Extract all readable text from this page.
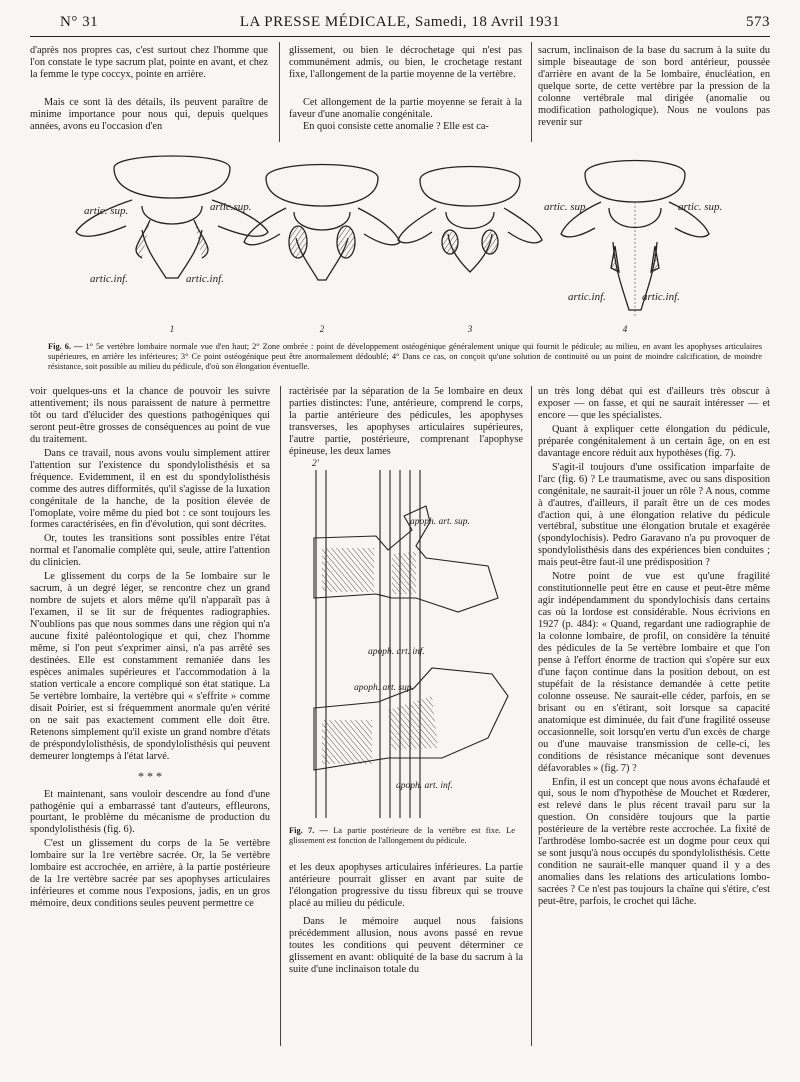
N° 31	LA PRESSE MÉDICALE, Samedi, 18 Avril 1931	573

d'après nos propres cas, c'est surtout chez l'homme que l'on constate le type sacrum plat, pointe en avant, et chez la femme le type coccyx, pointe en arrière.

Mais ce sont là des détails, ils peuvent paraître de minime importance pour nous qui, depuis quelques années, avons eu l'occasion d'en

glissement, ou bien le décrochetage qui n'est pas communément admis, ou bien, le crochetage restant fixe, l'allongement de la partie moyenne de la vertèbre.

Cet allongement de la partie moyenne se ferait à la faveur d'une anomalie congénitale.

En quoi consiste cette anomalie ? Elle est ca-

sacrum, inclinaison de la base du sacrum à la suite du simple biseautage de son bord antérieur, poussée d'arrière en avant de la 5e lombaire, énucléation, en quelque sorte, de cette vertèbre par la pression de la colonne vertébrale mal dirigée (anomalie ou modification pathologique). Nous ne voulons pas revenir sur

artic. sup.	artic.sup.
artic.inf.	artic.inf.
artic. sup.	artic. sup.
artic.inf.	artic.inf.
1	2	3	4

Fig. 6. — 1° 5e vertèbre lombaire normale vue d'en haut; 2° Zone ombrée : point de développement ostéogénique généralement unique qui fournit le pédicule; au milieu, en avant les apophyses articulaires supérieures, en arrière les inférieures; 3° Ce point ostéogénique peut être anormalement dédoublé; 4° Dans ce cas, on conçoit qu'une solution de continuité ou un point de moindre calcification, de moindre résistance, soit possible au milieu du pédicule, d'où son élongation éventuelle.

voir quelques-uns et la chance de pouvoir les suivre attentivement; ils nous paraissent de nature à permettre tôt ou tard d'élucider des questions pathogéniques qui seront peut-être grosses de conséquences au point de vue du traitement.

Dans ce travail, nous avons voulu simplement attirer l'attention sur l'existence du spondylolisthésis et sa fréquence. Evidemment, il en est du spondylolisthésis comme des autres difformités, qu'il s'agisse de la luxation congénitale de la hanche, de la position élevée de l'omoplate, voire même du pied bot : ce sont toujours les formes caractérisées, en fin d'évolution, qui sont décrites.

Or, toutes les transitions sont possibles entre l'état normal et l'anomalie complète qui, seule, attire l'attention du clinicien.

Le glissement du corps de la 5e lombaire sur le sacrum, à un degré léger, se rencontre chez un grand nombre de sujets et alors même qu'il n'apparaît pas à l'examen, il se lit sur de fréquentes radiographies. N'oublions pas que nous sommes dans une région qui n'a aucune fixité paléontologique et qui, chez l'homme même, si l'on peut s'exprimer ainsi, n'a pas arrêté ses destinées. Elle est constamment remaniée dans les espèces animales supérieures et l'accommodation à la station verticale a encore compliqué son état statique. La 5e vertèbre lombaire, la vertèbre qui « s'effrite » comme disait Poirier, est si fréquemment anormale qu'en vérité on ne sait pas exactement comment elle doit être. Retenons simplement qu'il existe un grand nombre d'états de préspondylolisthésis, de spondylolisthésis qui peuvent demeurer longtemps à l'état larvé.

* * *

Et maintenant, sans vouloir descendre au fond d'une pathogénie qui a embarrassé tant d'auteurs, effleurons, pourtant, le problème du mécanisme de production du spondylolisthésis (fig. 6).

C'est un glissement du corps de la 5e vertèbre lombaire sur la 1re vertèbre sacrée. Or, la 5e vertèbre lombaire est accrochée, en arrière, à la partie postérieure de la 1re vertèbre sacrée par ses apophyses articulaires inférieures et comme nous l'exposions, jadis, en un gros mémoire, deux conditions seules peuvent permettre ce

ractérisée par la séparation de la 5e lombaire en deux parties distinctes: l'une, antérieure, comprend le corps, la partie antérieure des pédicules, les apophyses transverses, les apophyses articulaires supérieures, l'autre partie, postérieure, comprenant l'apophyse épineuse, les deux lames

2'
apoph. art. sup.
apoph. art. inf.
apoph. art. sup.
apoph. art. inf.

Fig. 7. — La partie postérieure de la vertèbre est fixe. Le glissement est fonction de l'allongement du pédicule.

et les deux apophyses articulaires inférieures. La partie antérieure pourrait glisser en avant par suite de l'élongation progressive du tissu fibreux qui se trouve placé au milieu du pédicule.

Dans le mémoire auquel nous faisions précédemment allusion, nous avons passé en revue toutes les conditions qui peuvent déterminer ce glissement en avant: obliquité de la base du sacrum à la suite d'une inclinaison totale du

un très long débat qui est d'ailleurs très obscur à exposer — on fasse, et qui ne saurait intéresser — et encore — que les spécialistes.

Quant à expliquer cette élongation du pédicule, préparée congénitalement à un certain âge, on en est davantage encore réduit aux hypothèses (fig. 7).

S'agit-il toujours d'une ossification imparfaite de l'arc (fig. 6) ? Le traumatisme, avec ou sans disposition congénitale, ne saurait-il jouer un rôle ? A nous, comme à d'autres, d'ailleurs, il paraît être un de ces modes d'action qui, à une élongation relative du pédicule vertébral, substitue une élongation brutale et exagérée (spondylochisis). Pedro Garavano n'a pu provoquer de spondylolisthésis dans des expériences bien conduites ; mais peut-être faut-il une prédisposition ?

Notre point de vue est qu'une fragilité constitutionnelle peut être en cause et peut-être même agir indépendamment du spondylochisis dans certains cas où la lordose est considérable. Nous écrivions en 1927 (p. 484): « Quand, regardant une radiographie de la colonne lombaire, de profil, on considère la ténuité des pédicules de la 5e vertèbre lombaire et que l'on pense à l'effort énorme de traction qui s'opère sur eux d'une façon continue dans la position debout, on est stupéfait de la résistance demandée à cette petite colonne osseuse. Ne saurait-elle céder, parfois, en se brisant ou en s'étirant, soit lorsque sa capacité anatomique est diminuée, du fait d'une fragilité osseuse occasionnelle, soit lorsqu'en vertu d'un excès de charge ou d'une mauvaise transmission de celle-ci, les conditions de résistance mécanique sont devenues défavorables » (fig. 7) ?

Enfin, il est un concept que nous avons échafaudé et qui, sous le nom d'hypothèse de Mouchet et Rœderer, est relevé dans le plus récent travail paru sur la question. On considère toujours que la partie postérieure de la vertèbre reste accrochée. La fixité de l'arthrodèse lombo-sacrée est un dogme pour ceux qui se sont jusqu'à nous occupés du spondylolisthésis. Cette condition ne saurait-elle manquer quand il y a des anomalies dans les relations des articulations lombo-sacrées ? Ce n'est pas toujours la chaîne qui s'étire, c'est peut-être, parfois, le crochet qui lâche.
